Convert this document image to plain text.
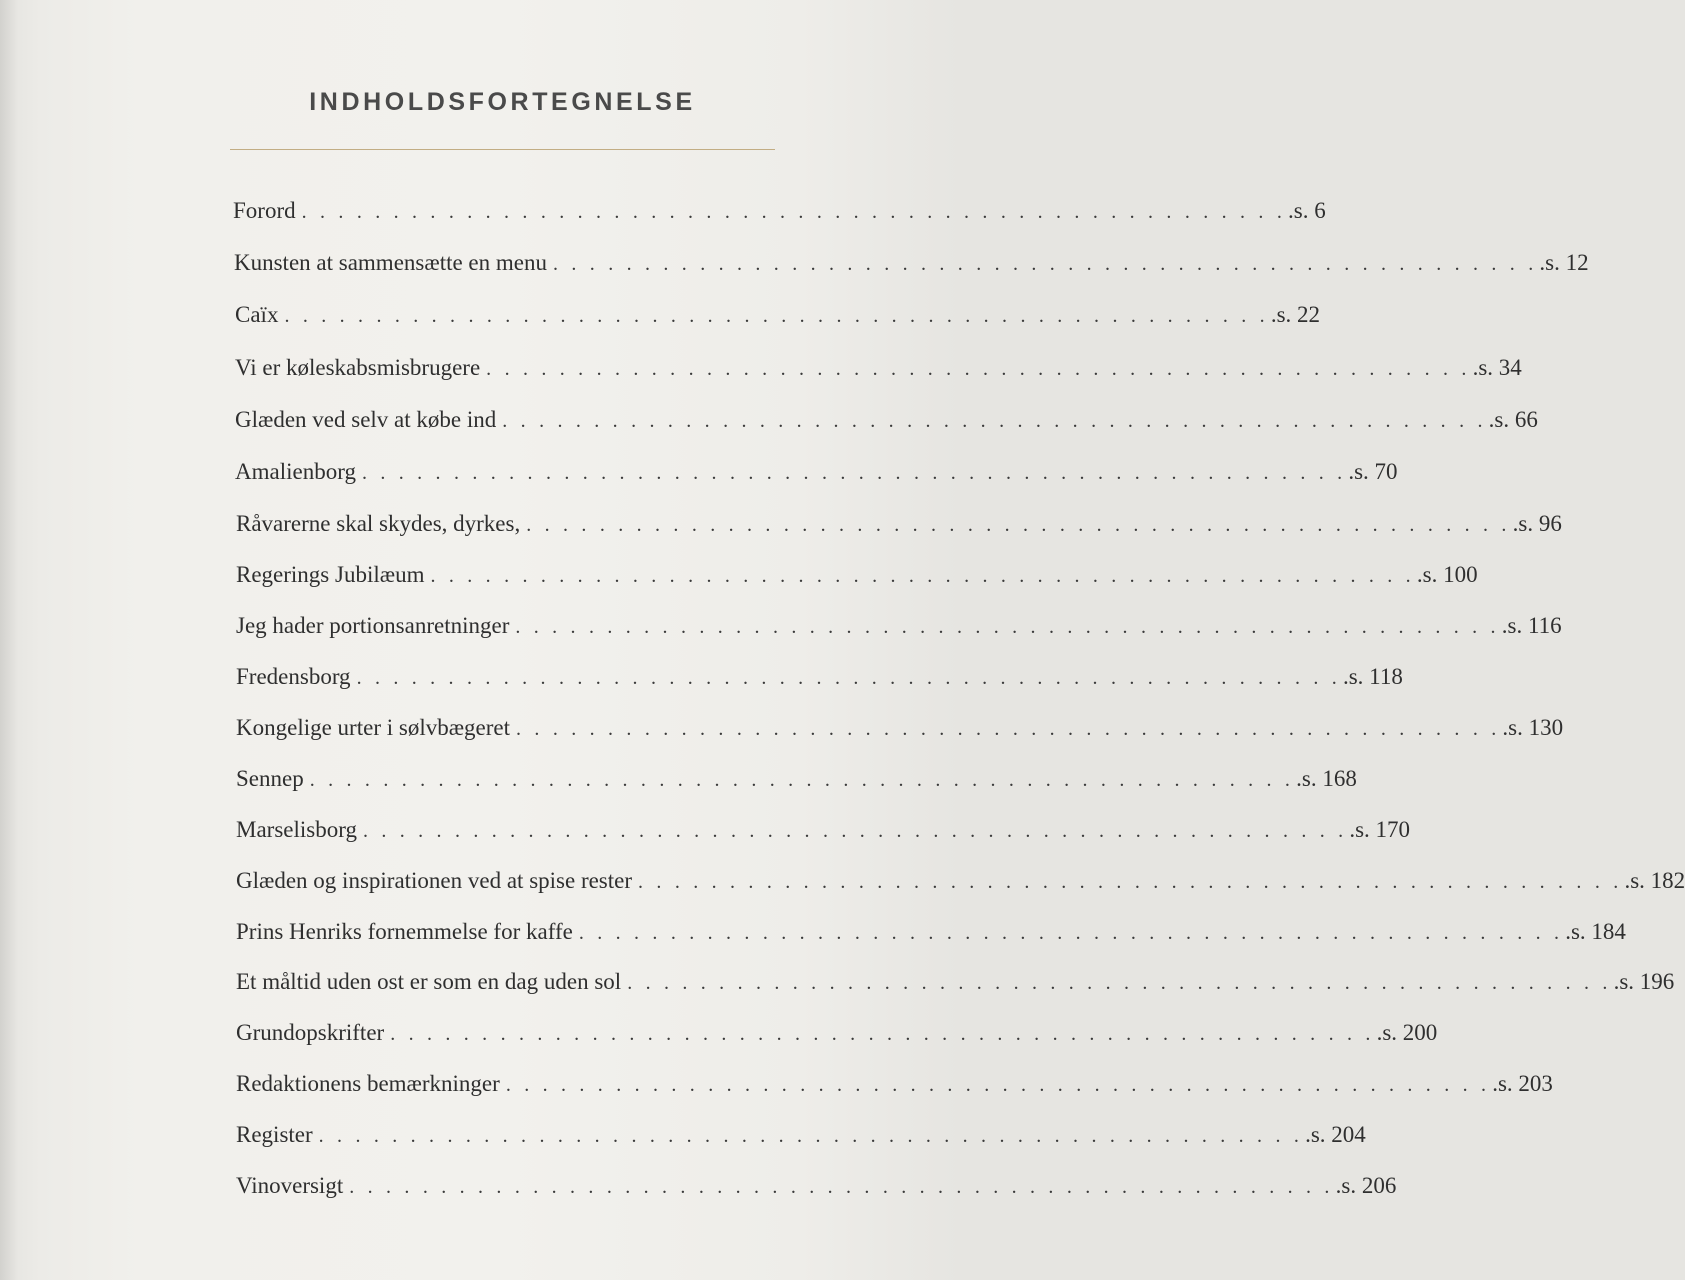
INDHOLDSFORTEGNELSE
Forord . . . . . . . . . . . . . . . . . . . . . . . . . . . . . . . . . . . . . . . . . . . . . . . . . . . . . . .s. 6
Kunsten at sammensætte en menu . . . . . . . . . . . . . . . . . . . . . . . . . . . . . . . . . . . . . . . . . . . . . . . . . . . . . . .s. 12
Caïx . . . . . . . . . . . . . . . . . . . . . . . . . . . . . . . . . . . . . . . . . . . . . . . . . . . . . . .s. 22
Vi er køleskabsmisbrugere . . . . . . . . . . . . . . . . . . . . . . . . . . . . . . . . . . . . . . . . . . . . . . . . . . . . . . .s. 34
Glæden ved selv at købe ind . . . . . . . . . . . . . . . . . . . . . . . . . . . . . . . . . . . . . . . . . . . . . . . . . . . . . . .s. 66
Amalienborg . . . . . . . . . . . . . . . . . . . . . . . . . . . . . . . . . . . . . . . . . . . . . . . . . . . . . . .s. 70
Råvarerne skal skydes, dyrkes, . . . . . . . . . . . . . . . . . . . . . . . . . . . . . . . . . . . . . . . . . . . . . . . . . . . . . . .s. 96
Regerings Jubilæum . . . . . . . . . . . . . . . . . . . . . . . . . . . . . . . . . . . . . . . . . . . . . . . . . . . . . . .s. 100
Jeg hader portionsanretninger . . . . . . . . . . . . . . . . . . . . . . . . . . . . . . . . . . . . . . . . . . . . . . . . . . . . . . .s. 116
Fredensborg . . . . . . . . . . . . . . . . . . . . . . . . . . . . . . . . . . . . . . . . . . . . . . . . . . . . . . .s. 118
Kongelige urter i sølvbægeret . . . . . . . . . . . . . . . . . . . . . . . . . . . . . . . . . . . . . . . . . . . . . . . . . . . . . . .s. 130
Sennep . . . . . . . . . . . . . . . . . . . . . . . . . . . . . . . . . . . . . . . . . . . . . . . . . . . . . . .s. 168
Marselisborg . . . . . . . . . . . . . . . . . . . . . . . . . . . . . . . . . . . . . . . . . . . . . . . . . . . . . . .s. 170
Glæden og inspirationen ved at spise rester . . . . . . . . . . . . . . . . . . . . . . . . . . . . . . . . . . . . . . . . . . . . . . . . . . . . . . .s. 182
Prins Henriks fornemmelse for kaffe . . . . . . . . . . . . . . . . . . . . . . . . . . . . . . . . . . . . . . . . . . . . . . . . . . . . . . .s. 184
Et måltid uden ost er som en dag uden sol . . . . . . . . . . . . . . . . . . . . . . . . . . . . . . . . . . . . . . . . . . . . . . . . . . . . . . .s. 196
Grundopskrifter . . . . . . . . . . . . . . . . . . . . . . . . . . . . . . . . . . . . . . . . . . . . . . . . . . . . . . .s. 200
Redaktionens bemærkninger . . . . . . . . . . . . . . . . . . . . . . . . . . . . . . . . . . . . . . . . . . . . . . . . . . . . . . .s. 203
Register . . . . . . . . . . . . . . . . . . . . . . . . . . . . . . . . . . . . . . . . . . . . . . . . . . . . . . .s. 204
Vinoversigt . . . . . . . . . . . . . . . . . . . . . . . . . . . . . . . . . . . . . . . . . . . . . . . . . . . . . . .s. 206
